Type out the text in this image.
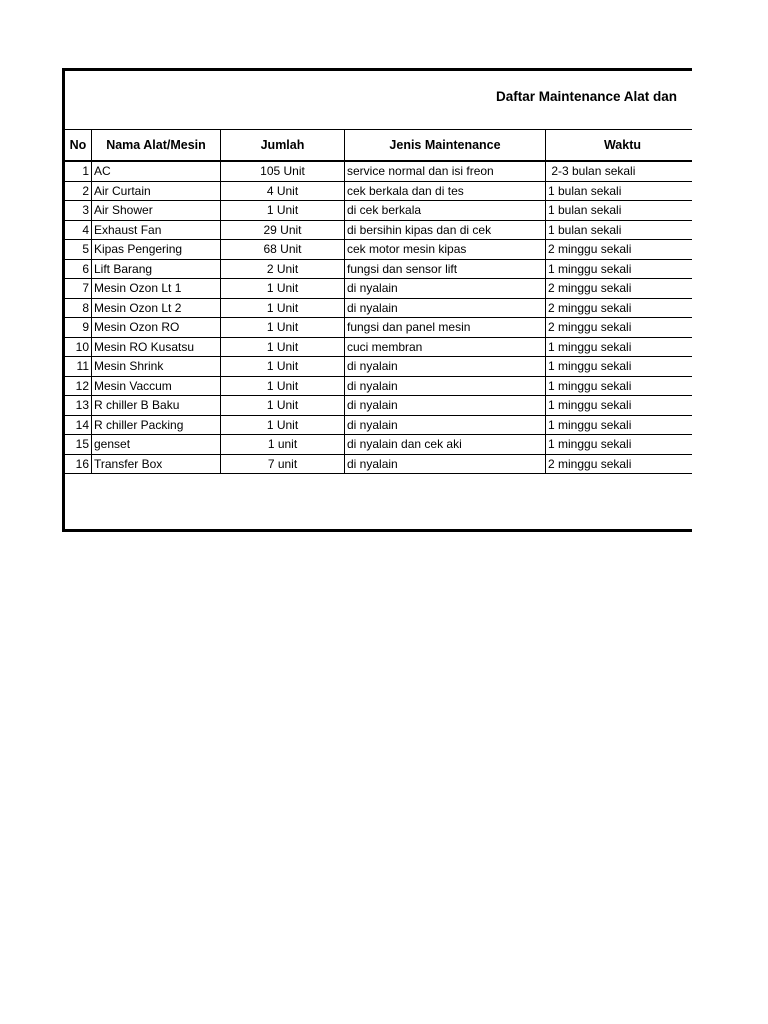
Daftar Maintenance Alat dan
No	Nama Alat/Mesin	Jumlah	Jenis Maintenance	Waktu
1	AC	105 Unit	service normal dan isi freon	2-3 bulan sekali
2	Air Curtain	4 Unit	cek berkala dan di tes	1 bulan sekali
3	Air Shower	1 Unit	di cek berkala	1 bulan sekali
4	Exhaust Fan	29 Unit	di bersihin kipas dan di cek	1 bulan sekali
5	Kipas Pengering	68 Unit	cek motor mesin kipas	2 minggu sekali
6	Lift Barang	2 Unit	fungsi dan sensor lift	1 minggu sekali
7	Mesin Ozon Lt 1	1 Unit	di nyalain	2 minggu sekali
8	Mesin Ozon Lt 2	1 Unit	di nyalain	2 minggu sekali
9	Mesin Ozon RO	1 Unit	fungsi dan panel mesin	2 minggu sekali
10	Mesin RO Kusatsu	1 Unit	cuci membran	1 minggu sekali
11	Mesin Shrink	1 Unit	di nyalain	1 minggu sekali
12	Mesin Vaccum	1 Unit	di nyalain	1 minggu sekali
13	R chiller B Baku	1 Unit	di nyalain	1 minggu sekali
14	R chiller Packing	1 Unit	di nyalain	1 minggu sekali
15	genset	1 unit	di nyalain dan cek aki	1 minggu sekali
16	Transfer Box	7 unit	di nyalain	2 minggu sekali
